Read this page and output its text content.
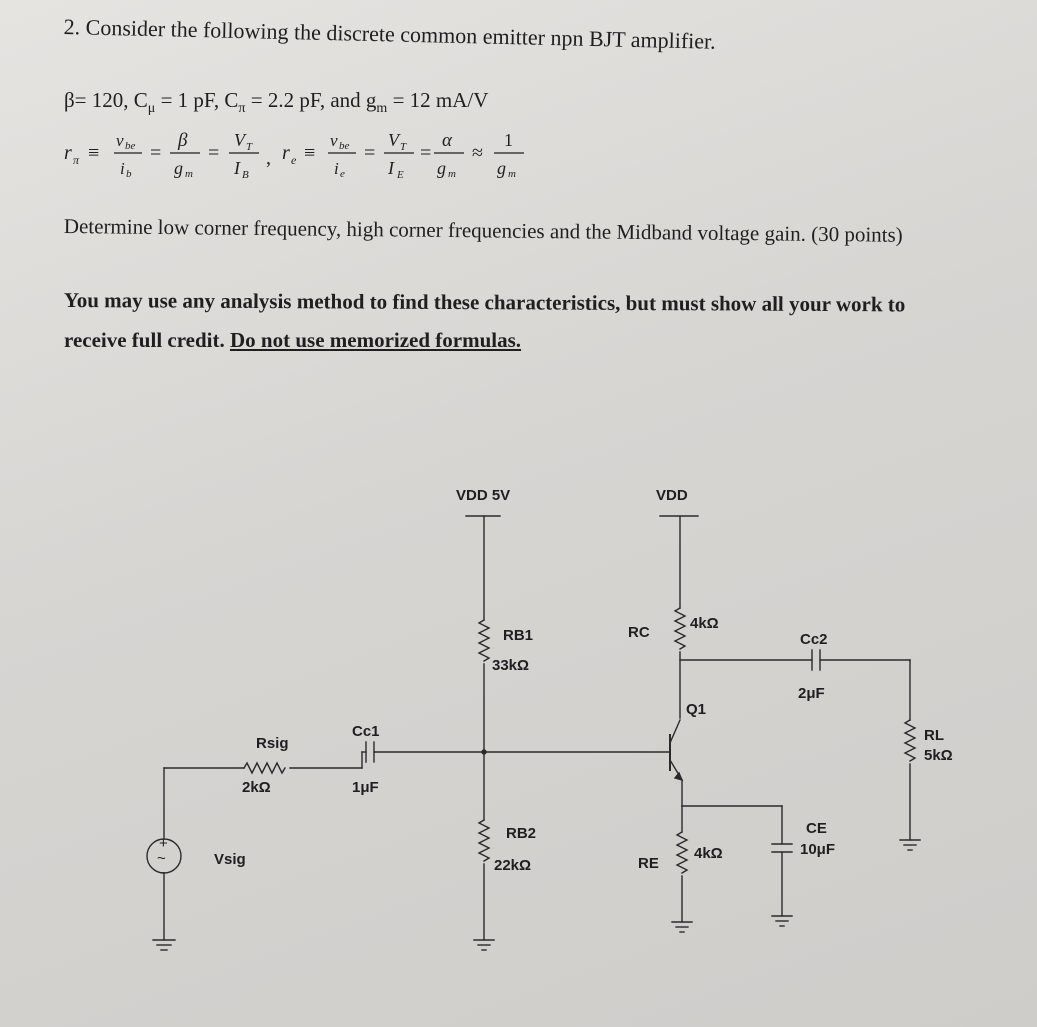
2. Consider the following the discrete common emitter npn BJT amplifier.
β= 120, $C_\mu = 1$ pF, $C_\pi = 2.2$ pF, and $g_m = 12$ mA/V
r π ≡
v be
i b
=
β
g m
=
V T
I B
, r e ≡
v be
i e
=
V T
I E
=
α
g m
≈
1
g m
Determine low corner frequency, high corner frequencies and the Midband voltage gain. (30 points)
You may use any analysis method to find these characteristics, but must show all your work to
receive full credit. Do not use memorized formulas.
+
~
-
VDD 5V	VDD
RB1
33kΩ
RB2
22kΩ
RC
4kΩ
RE
4kΩ
Cc1
1μF
Cc2
2μF
CE
10μF
Rsig
2kΩ
Vsig
Q1
RL
5kΩ
